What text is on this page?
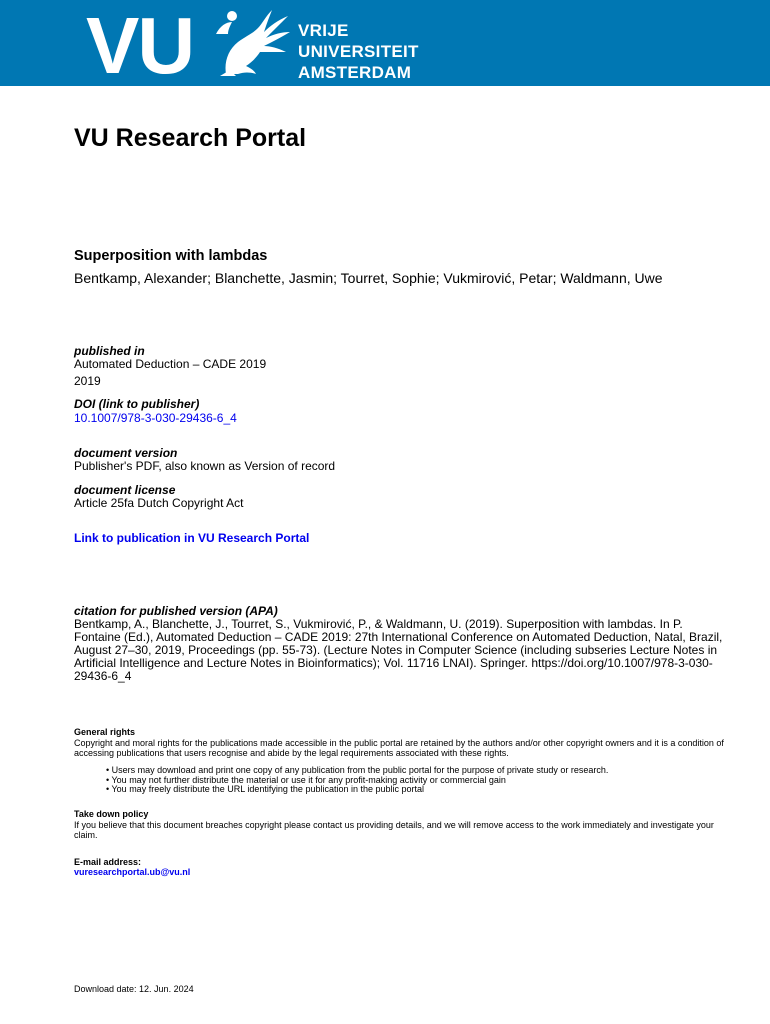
VU	VRIJE
UNIVERSITEIT
AMSTERDAM
VU Research Portal
Superposition with lambdas
Bentkamp, Alexander; Blanchette, Jasmin; Tourret, Sophie; Vukmirović, Petar; Waldmann, Uwe
published in
Automated Deduction – CADE 2019
2019
DOI (link to publisher)
10.1007/978-3-030-29436-6_4
document version
Publisher's PDF, also known as Version of record
document license
Article 25fa Dutch Copyright Act
Link to publication in VU Research Portal
citation for published version (APA)
Bentkamp, A., Blanchette, J., Tourret, S., Vukmirović, P., & Waldmann, U. (2019). Superposition with lambdas. In P. Fontaine (Ed.), Automated Deduction – CADE 2019: 27th International Conference on Automated Deduction, Natal, Brazil, August 27–30, 2019, Proceedings (pp. 55-73). (Lecture Notes in Computer Science (including subseries Lecture Notes in Artificial Intelligence and Lecture Notes in Bioinformatics); Vol. 11716 LNAI). Springer. https://doi.org/10.1007/978-3-030-29436-6_4
General rights
Copyright and moral rights for the publications made accessible in the public portal are retained by the authors and/or other copyright owners and it is a condition of accessing publications that users recognise and abide by the legal requirements associated with these rights.
• Users may download and print one copy of any publication from the public portal for the purpose of private study or research.
• You may not further distribute the material or use it for any profit-making activity or commercial gain
• You may freely distribute the URL identifying the publication in the public portal
Take down policy
If you believe that this document breaches copyright please contact us providing details, and we will remove access to the work immediately and investigate your claim.
E-mail address:
vuresearchportal.ub@vu.nl
Download date: 12. Jun. 2024
